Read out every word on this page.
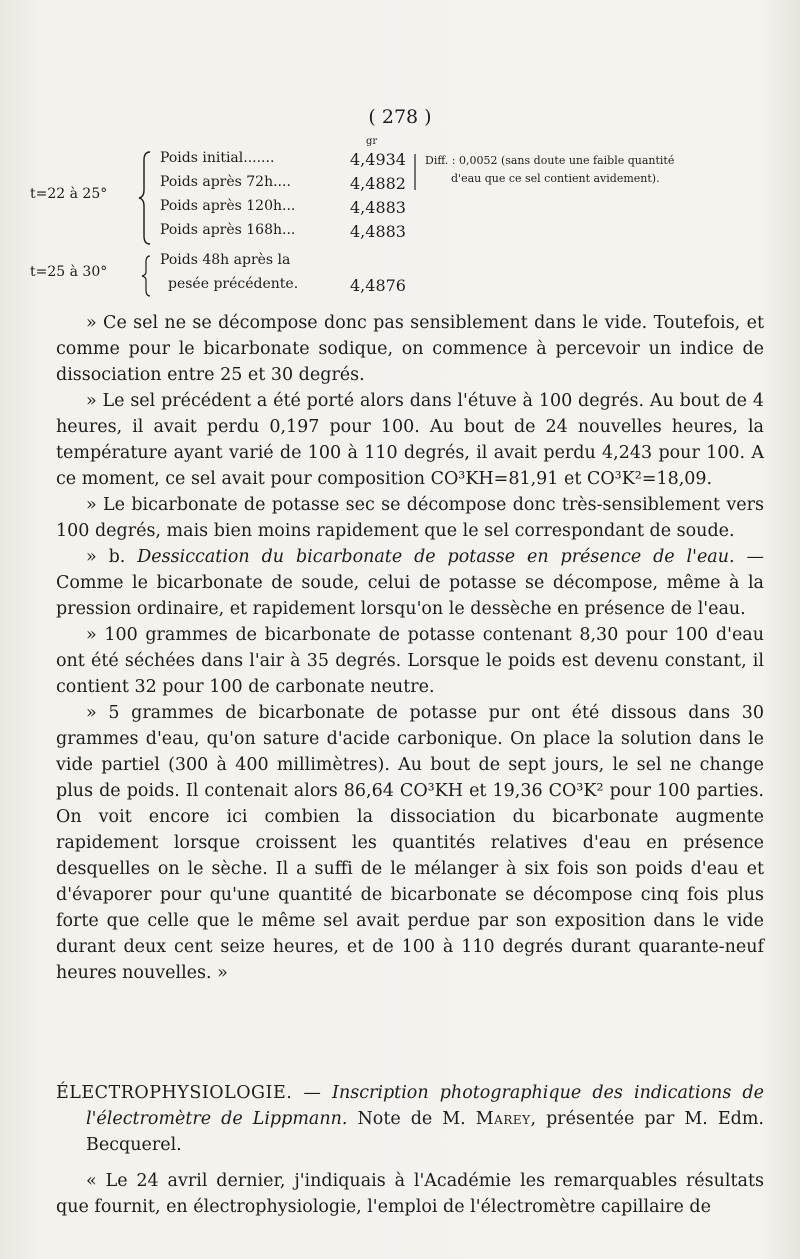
( 278 )
Poids initial.......	4,4934
gr
Poids après 72h....	4,4882
Poids après 120h...	4,4883
Poids après 168h...	4,4883
Poids 48h après la
pesée précédente.	4,4876
t=22 à 25°
t=25 à 30°
Diff. : 0,0052 (sans doute une faible quantité
d'eau que ce sel contient avidement).

» Ce sel ne se décompose donc pas sensiblement dans le vide. Toutefois, et comme pour le bicarbonate sodique, on commence à percevoir un indice de dissociation entre 25 et 30 degrés.

» Le sel précédent a été porté alors dans l'étuve à 100 degrés. Au bout de 4 heures, il avait perdu 0,197 pour 100. Au bout de 24 nouvelles heures, la température ayant varié de 100 à 110 degrés, il avait perdu 4,243 pour 100. A ce moment, ce sel avait pour composition CO³KH=81,91 et CO³K²=18,09.

» Le bicarbonate de potasse sec se décompose donc très-sensiblement vers 100 degrés, mais bien moins rapidement que le sel correspondant de soude.

» b. Dessiccation du bicarbonate de potasse en présence de l'eau. — Comme le bicarbonate de soude, celui de potasse se décompose, même à la pression ordinaire, et rapidement lorsqu'on le dessèche en présence de l'eau.

» 100 grammes de bicarbonate de potasse contenant 8,30 pour 100 d'eau ont été séchées dans l'air à 35 degrés. Lorsque le poids est devenu constant, il contient 32 pour 100 de carbonate neutre.

» 5 grammes de bicarbonate de potasse pur ont été dissous dans 30 grammes d'eau, qu'on sature d'acide carbonique. On place la solution dans le vide partiel (300 à 400 millimètres). Au bout de sept jours, le sel ne change plus de poids. Il contenait alors 86,64 CO³KH et 19,36 CO³K² pour 100 parties. On voit encore ici combien la dissociation du bicarbonate augmente rapidement lorsque croissent les quantités relatives d'eau en présence desquelles on le sèche. Il a suffi de le mélanger à six fois son poids d'eau et d'évaporer pour qu'une quantité de bicarbonate se décompose cinq fois plus forte que celle que le même sel avait perdue par son exposition dans le vide durant deux cent seize heures, et de 100 à 110 degrés durant quarante-neuf heures nouvelles. »

ÉLECTROPHYSIOLOGIE. — Inscription photographique des indications de l'électromètre de Lippmann. Note de M. Marey, présentée par M. Edm. Becquerel.

« Le 24 avril dernier, j'indiquais à l'Académie les remarquables résultats que fournit, en électrophysiologie, l'emploi de l'électromètre capillaire de
